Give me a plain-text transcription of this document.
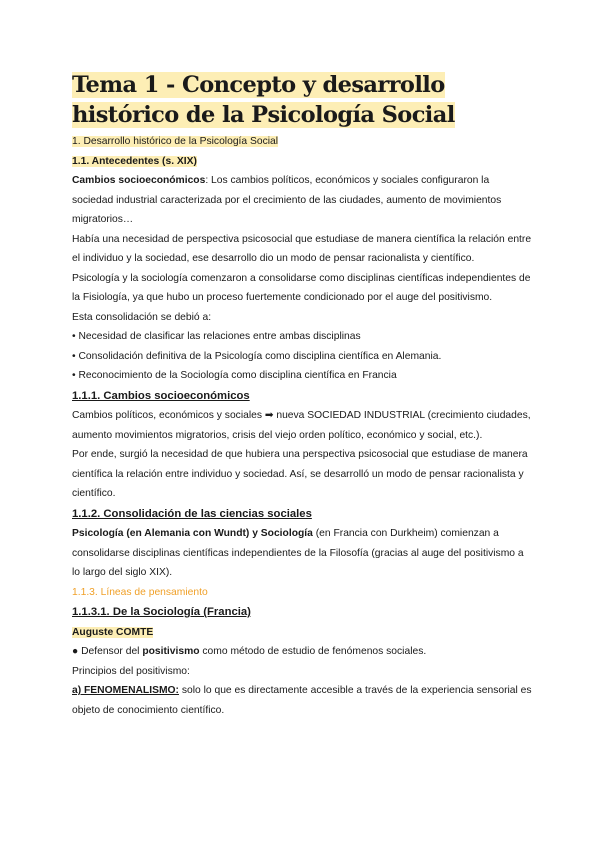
Tema 1 - Concepto y desarrollo histórico de la Psicología Social

1. Desarrollo histórico de la Psicología Social

1.1. Antecedentes (s. XIX)

Cambios socioeconómicos: Los cambios políticos, económicos y sociales configuraron la sociedad industrial caracterizada por el crecimiento de las ciudades, aumento de movimientos migratorios…

Había una necesidad de perspectiva psicosocial que estudiase de manera científica la relación entre el individuo y la sociedad, ese desarrollo dio un modo de pensar racionalista y científico.

Psicología y la sociología comenzaron a consolidarse como disciplinas científicas independientes de la Fisiología, ya que hubo un proceso fuertemente condicionado por el auge del positivismo.

Esta consolidación se debió a:

• Necesidad de clasificar las relaciones entre ambas disciplinas

• Consolidación definitiva de la Psicología como disciplina científica en Alemania.

• Reconocimiento de la Sociología como disciplina científica en Francia

1.1.1. Cambios socioeconómicos

Cambios políticos, económicos y sociales ➡ nueva SOCIEDAD INDUSTRIAL (crecimiento ciudades, aumento movimientos migratorios, crisis del viejo orden político, económico y social, etc.).

Por ende, surgió la necesidad de que hubiera una perspectiva psicosocial que estudiase de manera científica la relación entre individuo y sociedad. Así, se desarrolló un modo de pensar racionalista y científico.

1.1.2. Consolidación de las ciencias sociales

Psicología (en Alemania con Wundt) y Sociología (en Francia con Durkheim) comienzan a consolidarse disciplinas científicas independientes de la Filosofía (gracias al auge del positivismo a lo largo del siglo XIX).

1.1.3. Líneas de pensamiento

1.1.3.1. De la Sociología (Francia)

Auguste COMTE

● Defensor del positivismo como método de estudio de fenómenos sociales.

Principios del positivismo:

a) FENOMENALISMO: solo lo que es directamente accesible a través de la experiencia sensorial es objeto de conocimiento científico.
